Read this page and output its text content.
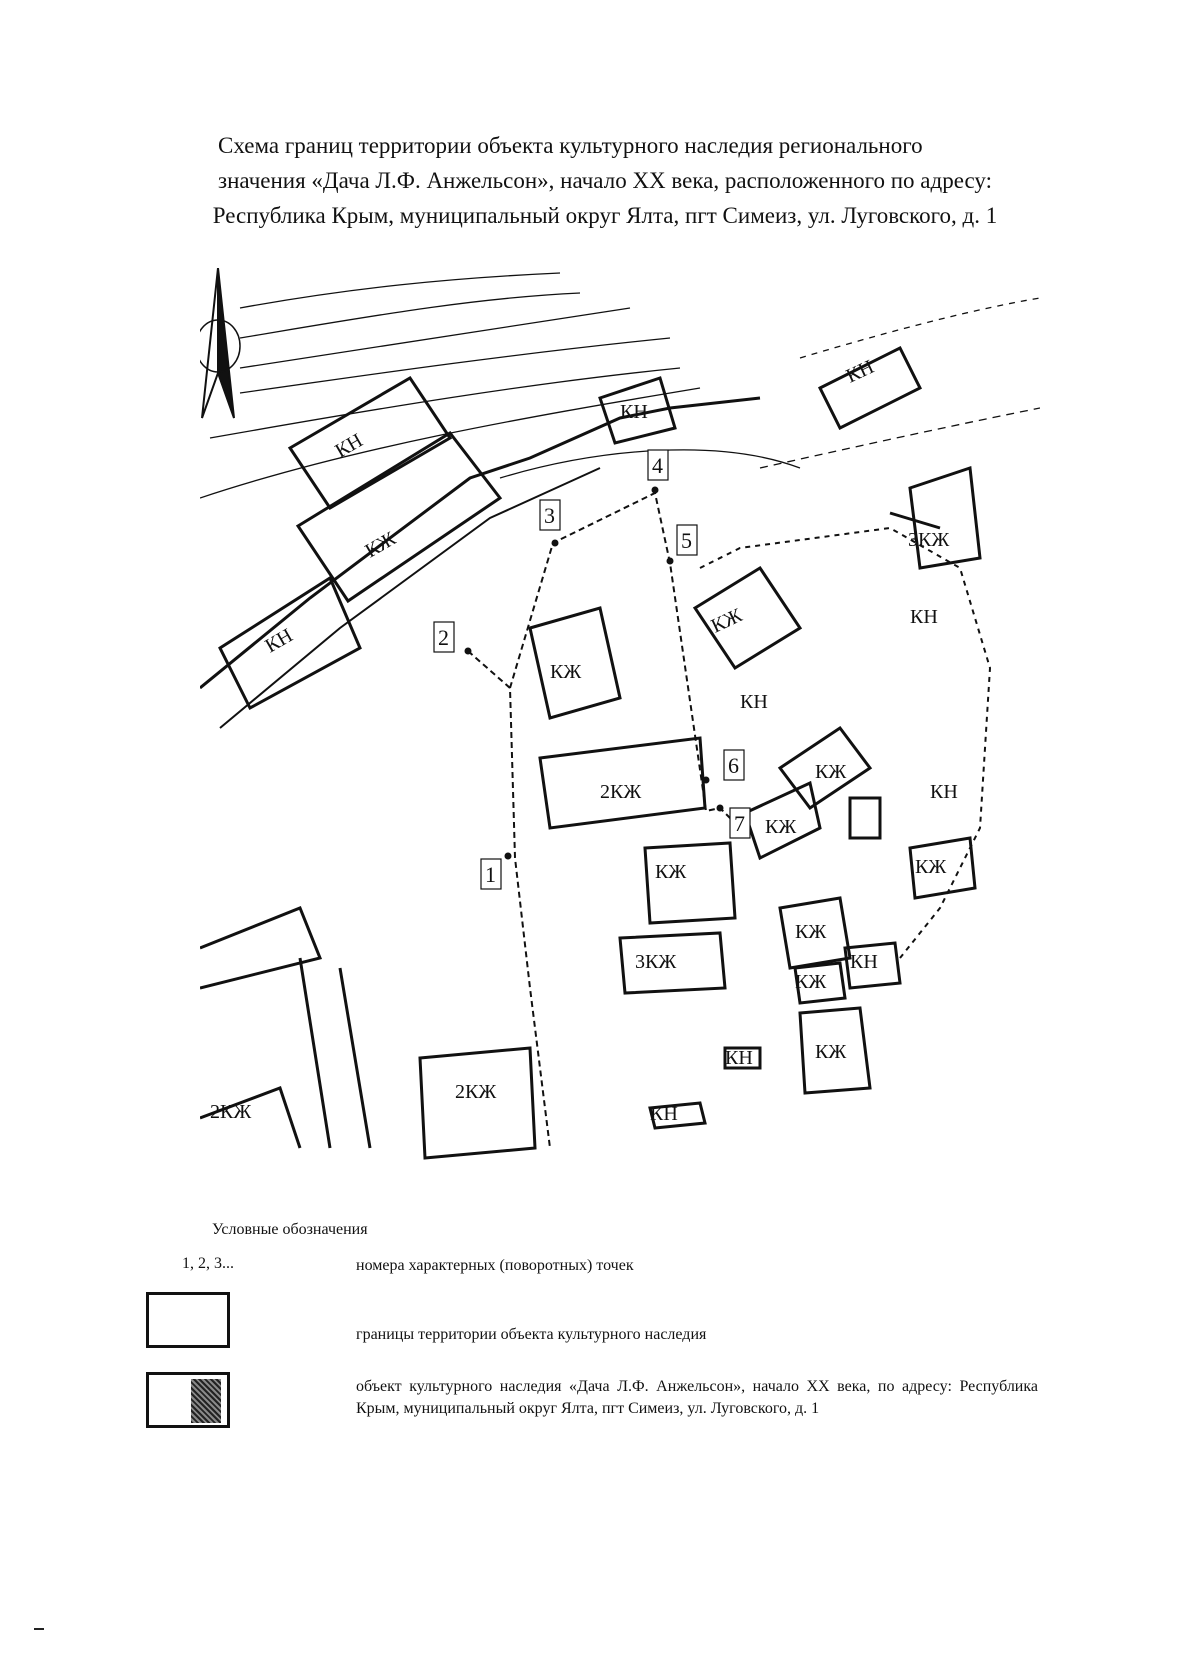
Схема границ территории объекта культурного наследия регионального
значения «Дача Л.Ф. Анжельсон», начало XX века, расположенного по адресу:
Республика Крым, муниципальный округ Ялта, пгт Симеиз, ул. Луговского, д. 1
1
2
3
4
5
6
7
КН
КЖ
КН
КН
КН
КЖ
2КЖ
3КЖ
КН
КЖ
КЖ
КН
КЖ
КЖ
КН
КЖ
3КЖ
КЖ
КН
КЖ
КЖ
2КЖ
КН
КН
2КЖ
Условные обозначения
1, 2, 3...	номера характерных (поворотных) точек
границы территории объекта культурного наследия
объект культурного наследия «Дача Л.Ф. Анжельсон», начало XX века, по адресу: Республика Крым, муниципальный округ Ялта, пгт Симеиз, ул. Луговского, д. 1
